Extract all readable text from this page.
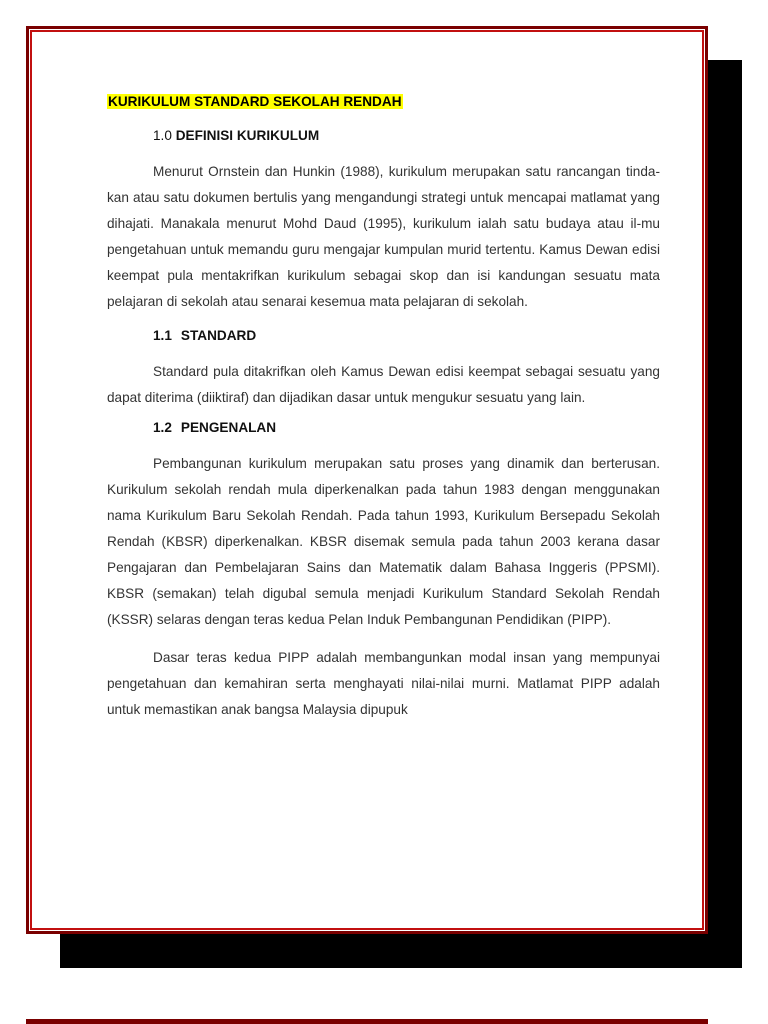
KURIKULUM STANDARD SEKOLAH RENDAH
1.0 DEFINISI KURIKULUM

Menurut Ornstein dan Hunkin (1988), kurikulum merupakan satu rancangan tinda-kan atau satu dokumen bertulis yang mengandungi strategi untuk mencapai matlamat yang dihajati. Manakala menurut Mohd Daud (1995), kurikulum ialah satu budaya atau il-mu pengetahuan untuk memandu guru mengajar kumpulan murid tertentu. Kamus Dewan edisi keempat pula mentakrifkan kurikulum sebagai skop dan isi kandungan sesuatu mata pelajaran di sekolah atau senarai kesemua mata pelajaran di sekolah.

1.1 STANDARD

Standard pula ditakrifkan oleh Kamus Dewan edisi keempat sebagai sesuatu yang dapat diterima (diiktiraf) dan dijadikan dasar untuk mengukur sesuatu yang lain.

1.2 PENGENALAN

Pembangunan kurikulum merupakan satu proses yang dinamik dan berterusan. Kurikulum sekolah rendah mula diperkenalkan pada tahun 1983 dengan menggunakan nama Kurikulum Baru Sekolah Rendah. Pada tahun 1993, Kurikulum Bersepadu Sekolah Rendah (KBSR) diperkenalkan. KBSR disemak semula pada tahun 2003 kerana dasar Pengajaran dan Pembelajaran Sains dan Matematik dalam Bahasa Inggeris (PPSMI). KBSR (semakan) telah digubal semula menjadi Kurikulum Standard Sekolah Rendah (KSSR) selaras dengan teras kedua Pelan Induk Pembangunan Pendidikan (PIPP).

Dasar teras kedua PIPP adalah membangunkan modal insan yang mempunyai pengetahuan dan kemahiran serta menghayati nilai-nilai murni. Matlamat PIPP adalah untuk memastikan anak bangsa Malaysia dipupuk
